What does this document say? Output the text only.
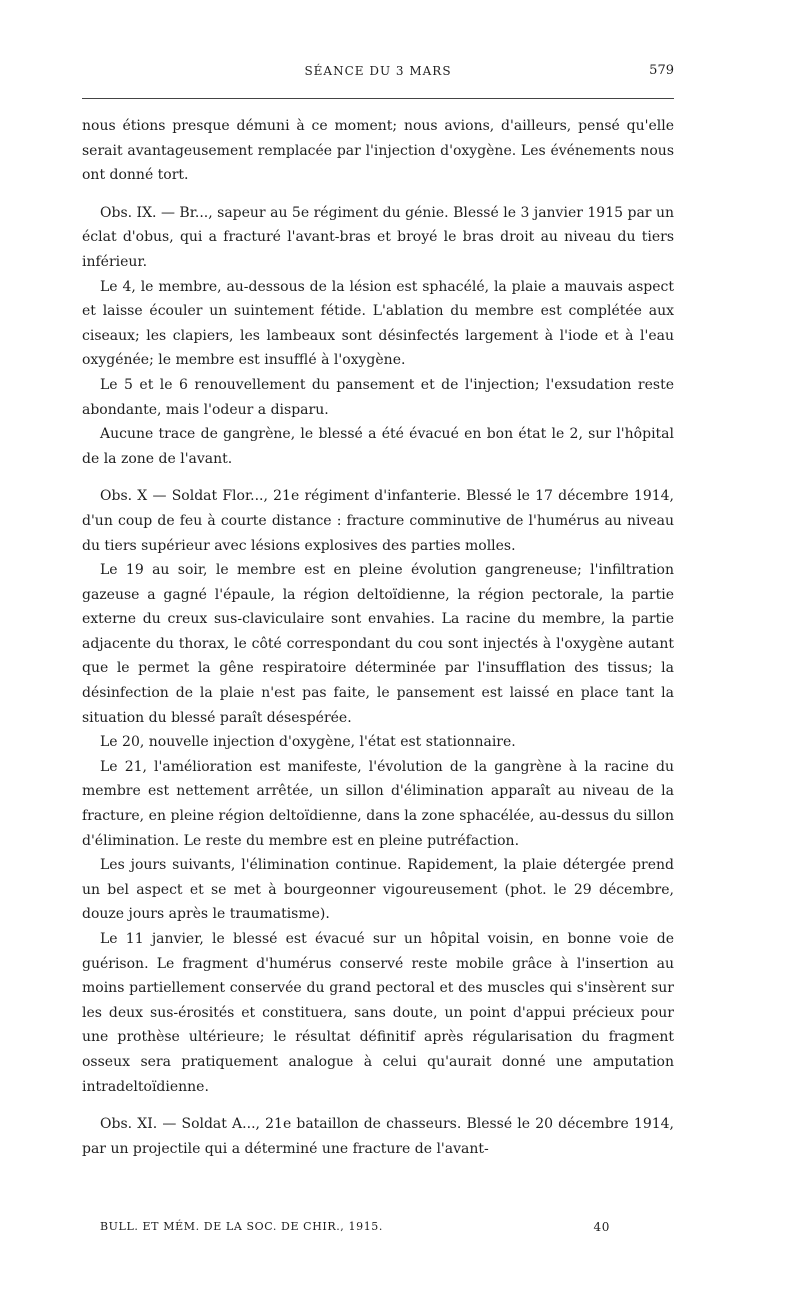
SÉANCE DU 3 MARS	579

nous étions presque démuni à ce moment; nous avions, d'ailleurs, pensé qu'elle serait avantageusement remplacée par l'injection d'oxygène. Les événements nous ont donné tort.

Obs. IX. — Br..., sapeur au 5e régiment du génie. Blessé le 3 janvier 1915 par un éclat d'obus, qui a fracturé l'avant-bras et broyé le bras droit au niveau du tiers inférieur.

Le 4, le membre, au-dessous de la lésion est sphacélé, la plaie a mauvais aspect et laisse écouler un suintement fétide. L'ablation du membre est complétée aux ciseaux; les clapiers, les lambeaux sont désinfectés largement à l'iode et à l'eau oxygénée; le membre est insufflé à l'oxygène.

Le 5 et le 6 renouvellement du pansement et de l'injection; l'exsudation reste abondante, mais l'odeur a disparu.

Aucune trace de gangrène, le blessé a été évacué en bon état le 2, sur l'hôpital de la zone de l'avant.

Obs. X — Soldat Flor..., 21e régiment d'infanterie. Blessé le 17 décembre 1914, d'un coup de feu à courte distance : fracture comminutive de l'humérus au niveau du tiers supérieur avec lésions explosives des parties molles.

Le 19 au soir, le membre est en pleine évolution gangreneuse; l'infiltration gazeuse a gagné l'épaule, la région deltoïdienne, la région pectorale, la partie externe du creux sus-claviculaire sont envahies. La racine du membre, la partie adjacente du thorax, le côté correspondant du cou sont injectés à l'oxygène autant que le permet la gêne respiratoire déterminée par l'insufflation des tissus; la désinfection de la plaie n'est pas faite, le pansement est laissé en place tant la situation du blessé paraît désespérée.

Le 20, nouvelle injection d'oxygène, l'état est stationnaire.

Le 21, l'amélioration est manifeste, l'évolution de la gangrène à la racine du membre est nettement arrêtée, un sillon d'élimination apparaît au niveau de la fracture, en pleine région deltoïdienne, dans la zone sphacélée, au-dessus du sillon d'élimination. Le reste du membre est en pleine putréfaction.

Les jours suivants, l'élimination continue. Rapidement, la plaie détergée prend un bel aspect et se met à bourgeonner vigoureusement (phot. le 29 décembre, douze jours après le traumatisme).

Le 11 janvier, le blessé est évacué sur un hôpital voisin, en bonne voie de guérison. Le fragment d'humérus conservé reste mobile grâce à l'insertion au moins partiellement conservée du grand pectoral et des muscles qui s'insèrent sur les deux sus-érosités et constituera, sans doute, un point d'appui précieux pour une prothèse ultérieure; le résultat définitif après régularisation du fragment osseux sera pratiquement analogue à celui qu'aurait donné une amputation intradeltoïdienne.

Obs. XI. — Soldat A..., 21e bataillon de chasseurs. Blessé le 20 décembre 1914, par un projectile qui a déterminé une fracture de l'avant-

BULL. ET MÉM. DE LA SOC. DE CHIR., 1915.	40
